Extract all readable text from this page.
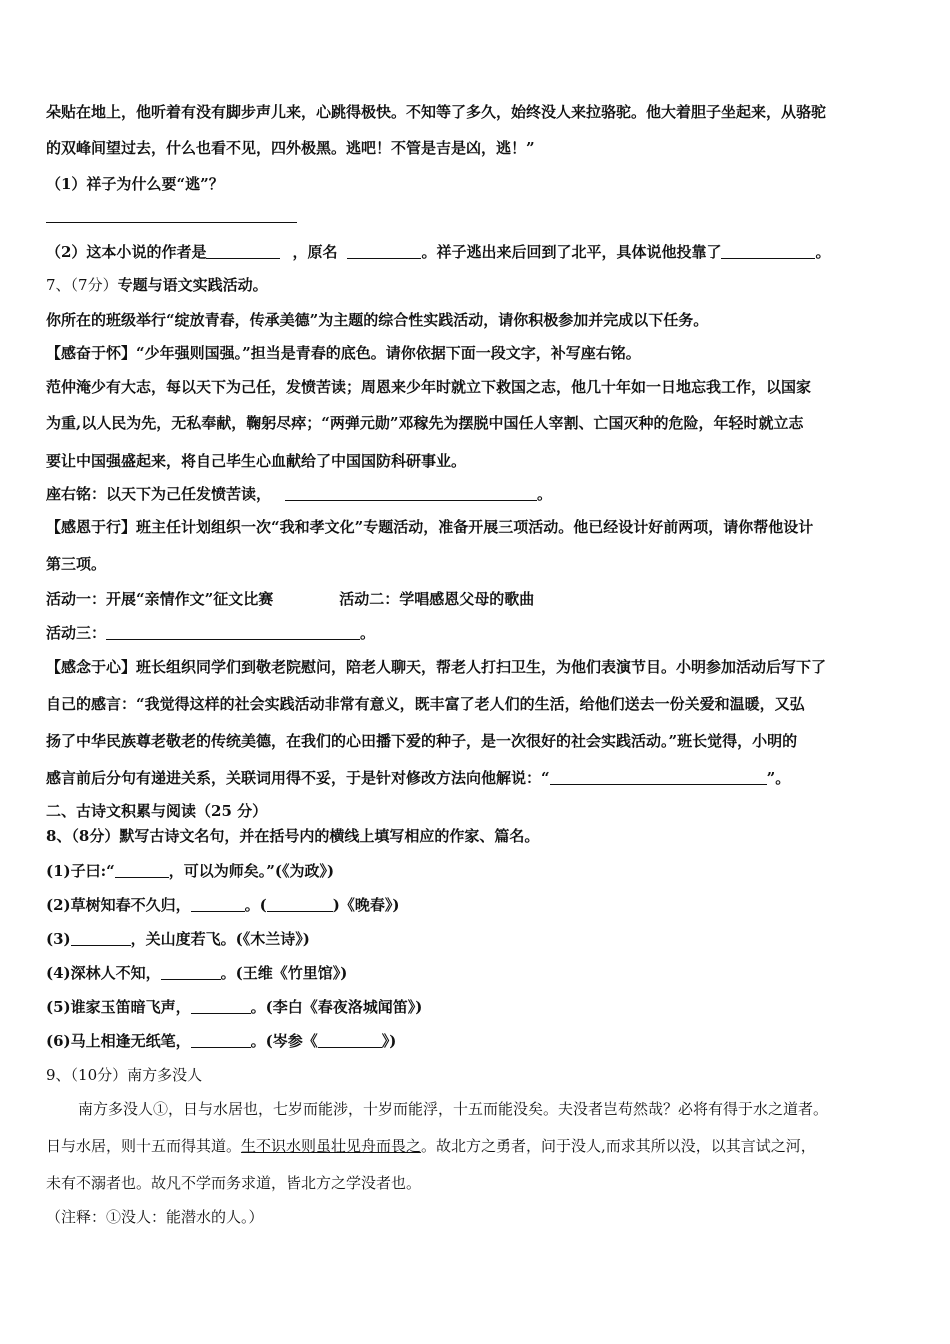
朵贴在地上，他听着有没有脚步声儿来，心跳得极快。不知等了多久，始终没人来拉骆驼。他大着胆子坐起来，从骆驼
的双峰间望过去，什么也看不见，四外极黑。逃吧！不管是吉是凶，逃！”
（1）祥子为什么要“逃”？
（2）这本小说的作者是	，原名	。祥子逃出来后回到了北平，具体说他投靠了	。
7、（7分）专题与语文实践活动。
你所在的班级举行“绽放青春，传承美德”为主题的综合性实践活动，请你积极参加并完成以下任务。
【感奋于怀】“少年强则国强。”担当是青春的底色。请你依据下面一段文字，补写座右铭。
范仲淹少有大志，每以天下为己任，发愤苦读；周恩来少年时就立下救国之志，他几十年如一日地忘我工作，以国家
为重,以人民为先，无私奉献，鞠躬尽瘁；“两弹元勋”邓稼先为摆脱中国任人宰割、亡国灭种的危险，年轻时就立志
要让中国强盛起来，将自己毕生心血献给了中国国防科研事业。
座右铭：以天下为己任发愤苦读，	。
【感恩于行】班主任计划组织一次“我和孝文化”专题活动，准备开展三项活动。他已经设计好前两项，请你帮他设计
第三项。
活动一：开展“亲情作文”征文比赛	活动二：学唱感恩父母的歌曲
活动三：	。
【感念于心】班长组织同学们到敬老院慰问，陪老人聊天，帮老人打扫卫生，为他们表演节目。小明参加活动后写下了
自己的感言：“我觉得这样的社会实践活动非常有意义，既丰富了老人们的生活，给他们送去一份关爱和温暖，又弘
扬了中华民族尊老敬老的传统美德，在我们的心田播下爱的种子，是一次很好的社会实践活动。”班长觉得，小明的
感言前后分句有递进关系，关联词用得不妥，于是针对修改方法向他解说：“	”。
二、古诗文积累与阅读（25 分）
8、（8分）默写古诗文名句，并在括号内的横线上填写相应的作家、篇名。
(1)子曰:“	，可以为师矣。”(《为政》)
(2)草树知春不久归，	。(	)《晚春》)
(3)	，关山度若飞。(《木兰诗》)
(4)深林人不知，	。(王维《竹里馆》)
(5)谁家玉笛暗飞声，	。(李白《春夜洛城闻笛》)
(6)马上相逢无纸笔，	。(岑参《	》)
9、（10分）南方多没人
南方多没人①，日与水居也，七岁而能涉，十岁而能浮，十五而能没矣。夫没者岂苟然哉？必将有得于水之道者。
日与水居，则十五而得其道。生不识水则虽壮见舟而畏之。故北方之勇者，问于没人,而求其所以没，以其言试之河，
未有不溺者也。故凡不学而务求道，皆北方之学没者也。
（注释：①没人：能潜水的人。）
